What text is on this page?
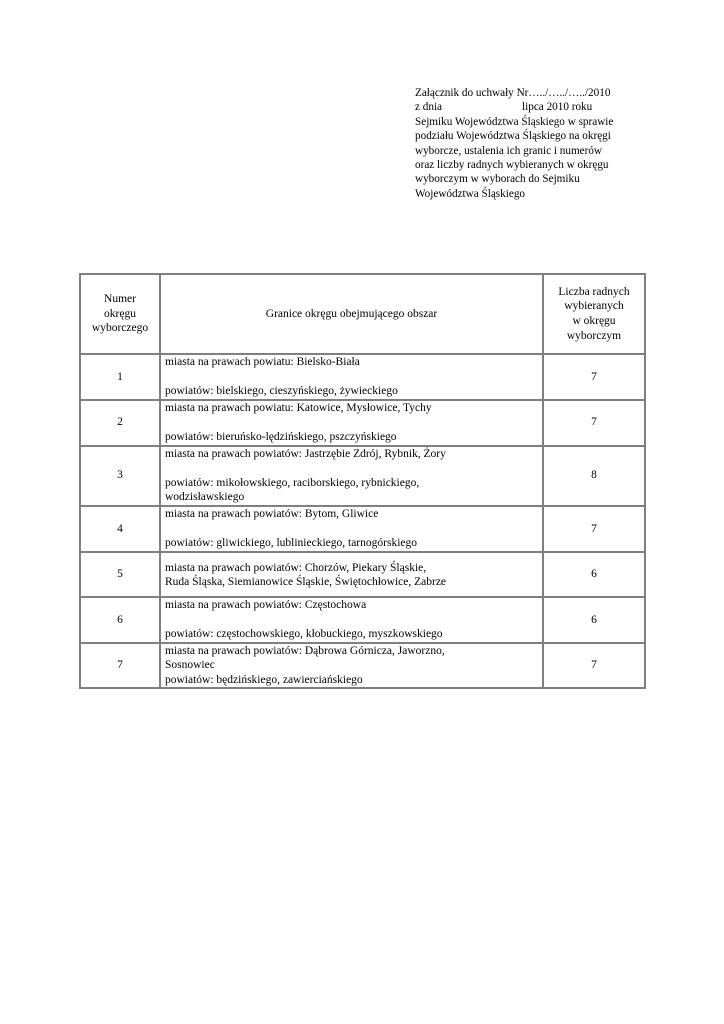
Załącznik do uchwały Nr…../…../…../2010
z dnia	lipca 2010 roku
Sejmiku Województwa Śląskiego w sprawie
podziału Województwa Śląskiego na okręgi
wyborcze, ustalenia ich granic i numerów
oraz liczby radnych wybieranych w okręgu
wyborczym w wyborach do Sejmiku
Województwa Śląskiego
Numer
okręgu
wyborczego	Granice okręgu obejmującego obszar	Liczba radnych
wybieranych
w okręgu
wyborczym

1	miasta na prawach powiatu: Bielsko-Biała
powiatów: bielskiego, cieszyńskiego, żywieckiego	7
2	miasta na prawach powiatu: Katowice, Mysłowice, Tychy
powiatów: bieruńsko-lędzińskiego, pszczyńskiego	7
3	miasta na prawach powiatów: Jastrzębie Zdrój, Rybnik, Żory
powiatów: mikołowskiego, raciborskiego, rybnickiego,
wodzisławskiego	8
4	miasta na prawach powiatów: Bytom, Gliwice
powiatów: gliwickiego, lublinieckiego, tarnogórskiego	7
5	miasta na prawach powiatów: Chorzów, Piekary Śląskie,
Ruda Śląska, Siemianowice Śląskie, Świętochłowice, Zabrze	6
6	miasta na prawach powiatów: Częstochowa
powiatów: częstochowskiego, kłobuckiego, myszkowskiego	6
7	miasta na prawach powiatów: Dąbrowa Górnicza, Jaworzno,
Sosnowiec
powiatów: będzińskiego, zawierciańskiego	7
